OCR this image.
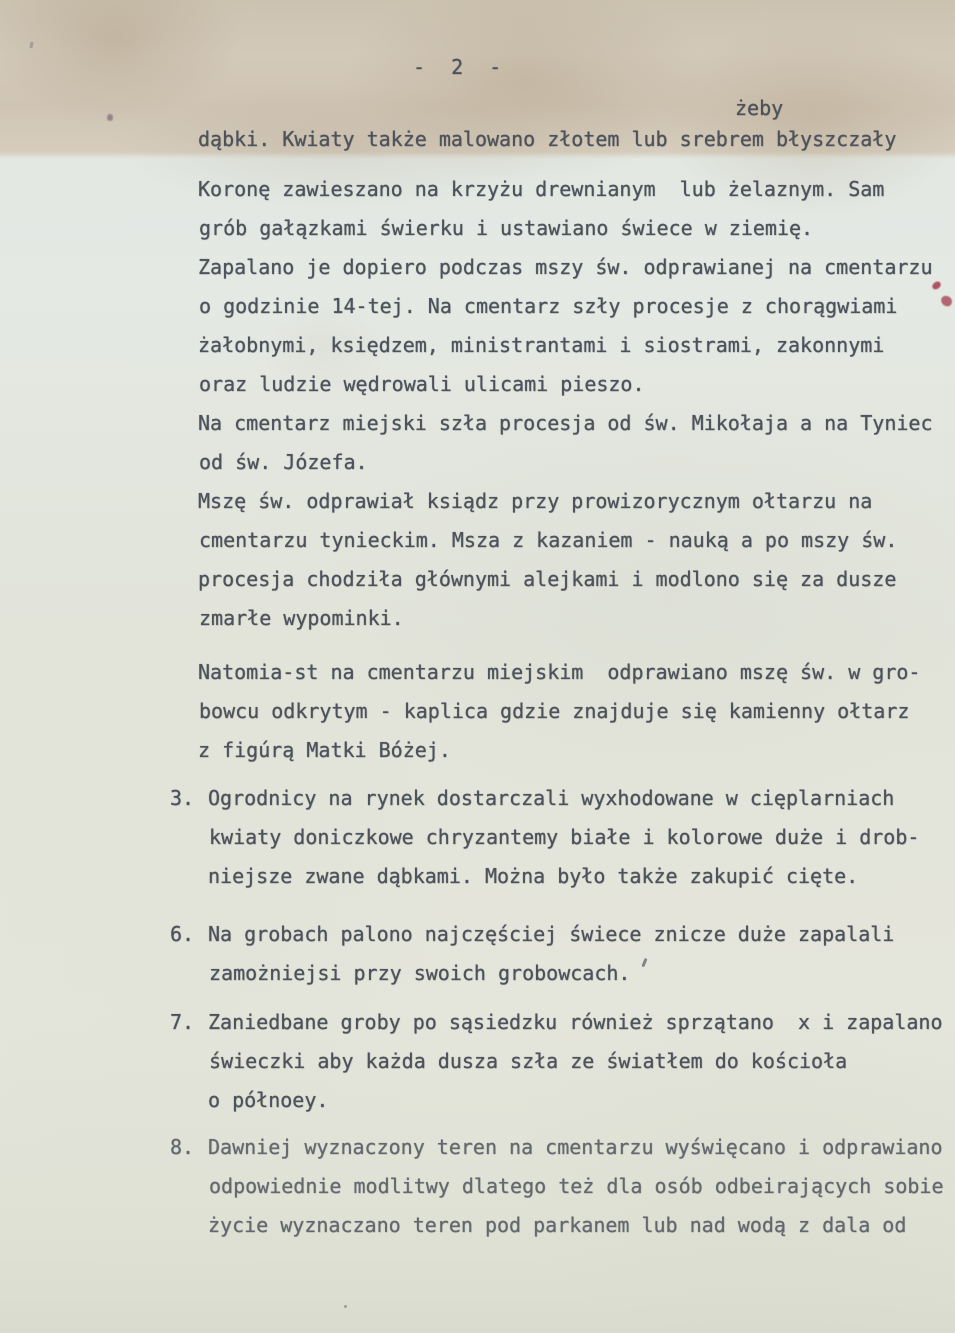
- 2 -
żeby
dąbki. Kwiaty także malowano złotem lub srebrem błyszczały
Koronę zawieszano na krzyżu drewnianym  lub żelaznym. Sam
grób gałązkami świerku i ustawiano świece w ziemię.
Zapalano je dopiero podczas mszy św. odprawianej na cmentarzu
o godzinie 14-tej. Na cmentarz szły procesje z chorągwiami
żałobnymi, księdzem, ministrantami i siostrami, zakonnymi
oraz ludzie wędrowali ulicami pieszo.
Na cmentarz miejski szła procesja od św. Mikołaja a na Tyniec
od św. Józefa.
Mszę św. odprawiał ksiądz przy prowizorycznym ołtarzu na
cmentarzu tynieckim. Msza z kazaniem - nauką a po mszy św.
procesja chodziła głównymi alejkami i modlono się za dusze
zmarłe wypominki.
Natomia-st na cmentarzu miejskim  odprawiano mszę św. w gro-
bowcu odkrytym - kaplica gdzie znajduje się kamienny ołtarz
z figúrą Matki Bóżej.
3. Ogrodnicy na rynek dostarczali wyxhodowane w cięplarniach
kwiaty doniczkowe chryzantemy białe i kolorowe duże i drob-
niejsze zwane dąbkami. Można było także zakupić cięte.
6. Na grobach palono najczęściej świece znicze duże zapalali
zamożniejsi przy swoich grobowcach.
7. Zaniedbane groby po sąsiedzku również sprzątano  x i zapalano
świeczki aby każda dusza szła ze światłem do kościoła
o półnoey.
8. Dawniej wyznaczony teren na cmentarzu wyświęcano i odprawiano
odpowiednie modlitwy dlatego też dla osób odbeirających sobie
życie wyznaczano teren pod parkanem lub nad wodą z dala od
